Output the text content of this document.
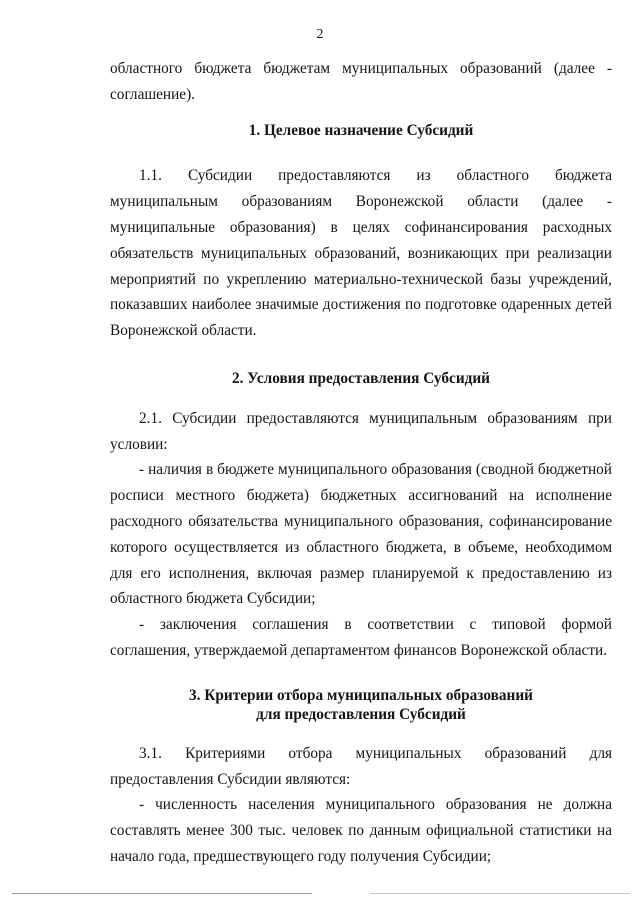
2

областного бюджета бюджетам муниципальных образований (далее - соглашение).

1. Целевое назначение Субсидий

1.1. Субсидии предоставляются из областного бюджета муниципальным образованиям Воронежской области (далее - муниципальные образования) в целях софинансирования расходных обязательств муниципальных образований, возникающих при реализации мероприятий по укреплению материально-технической базы учреждений, показавших наиболее значимые достижения по подготовке одаренных детей Воронежской области.

2. Условия предоставления Субсидий

2.1. Субсидии предоставляются муниципальным образованиям при условии:

- наличия в бюджете муниципального образования (сводной бюджетной росписи местного бюджета) бюджетных ассигнований на исполнение расходного обязательства муниципального образования, софинансирование которого осуществляется из областного бюджета, в объеме, необходимом для его исполнения, включая размер планируемой к предоставлению из областного бюджета Субсидии;

- заключения соглашения в соответствии с типовой формой соглашения, утверждаемой департаментом финансов Воронежской области.

3. Критерии отбора муниципальных образований
для предоставления Субсидий

3.1. Критериями отбора муниципальных образований для предоставления Субсидии являются:

- численность населения муниципального образования не должна составлять менее 300 тыс. человек по данным официальной статистики на начало года, предшествующего году получения Субсидии;
